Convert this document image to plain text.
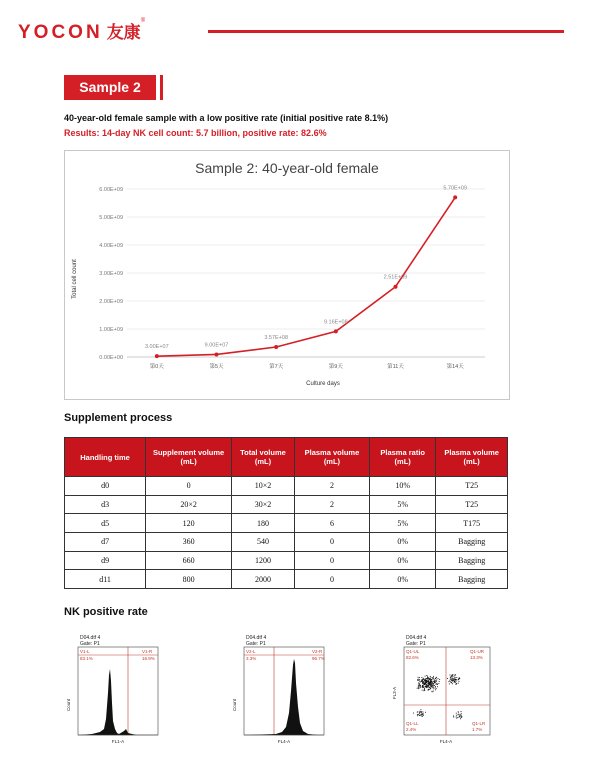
YOCON 友康®
Sample 2
40-year-old female sample with a low positive rate (initial positive rate 8.1%)
Results: 14-day NK cell count: 5.7 billion, positive rate: 82.6%
Sample 2: 40-year-old female
Culture days
Total cell count
0.00E+00
1.00E+09
2.00E+09
3.00E+09
4.00E+09
5.00E+09
6.00E+09
第0天	第5天	第7天	第9天	第11天	第14天
3.00E+07	9.00E+07
3.57E+08
9.16E+08
2.51E+09
5.70E+09
Supplement process
Handling time	Supplement volume (mL)	Total volume (mL)	Plasma volume (mL)	Plasma ratio (mL)	Plasma volume (mL)
d0	0	10×2	2	10%	T25
d3	20×2	30×2	2	5%	T25
d5	120	180	6	5%	T175
d7	360	540	0	0%	Bagging
d9	660	1200	0	0%	Bagging
d11	800	2000	0	0%	Bagging
NK positive rate
D04.dtf 4
Gate: P1
V1-L
83.1%
V1-R
16.9%
FL1-A
Count
D04.dtf 4
Gate: P1
V2-L
3.3%
V2-R
96.7%
FL4-A
Count
D04.dtf 4
Gate: P1
Q1-UL
82.6%
Q1-UR
13.3%
Q1-LL
2.4%
Q1-LR
1.7%
FL4-A
FL3-A
